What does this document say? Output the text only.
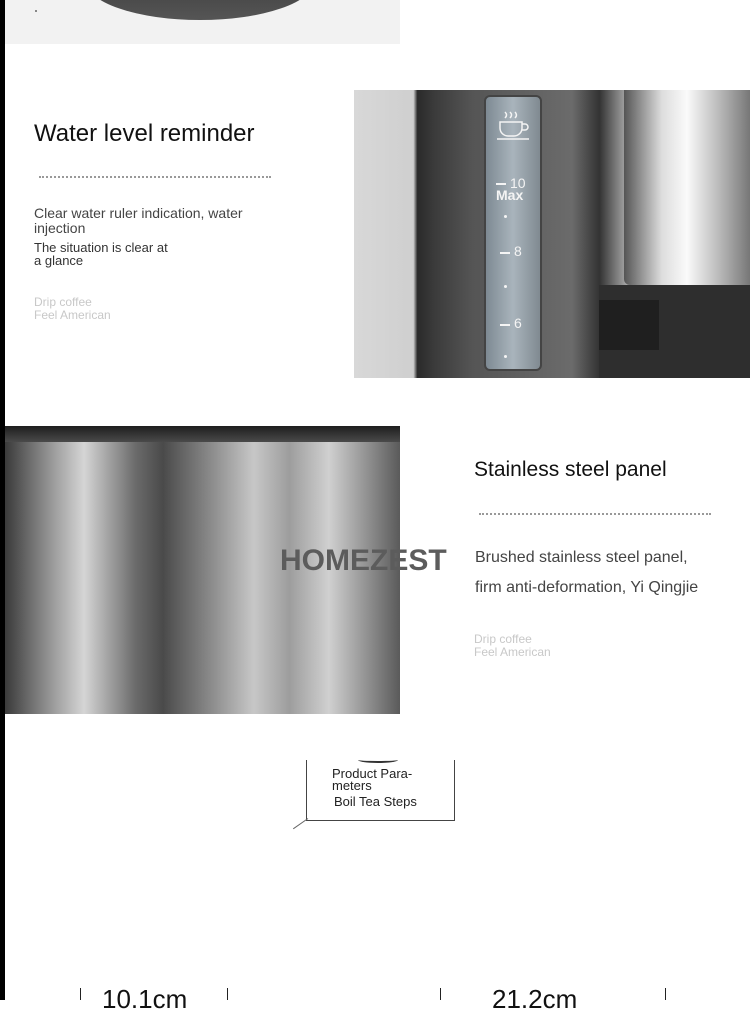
Water level reminder
Clear water ruler indication, water
injection
The situation is clear at
a glance
Drip coffee
Feel American
10
Max
8
6
HOMEZEST
Stainless steel panel
Brushed stainless steel panel,
firm anti-deformation, Yi Qingjie
Drip coffee
Feel American
Product Para-
meters
Boil Tea Steps
10.1cm	21.2cm
